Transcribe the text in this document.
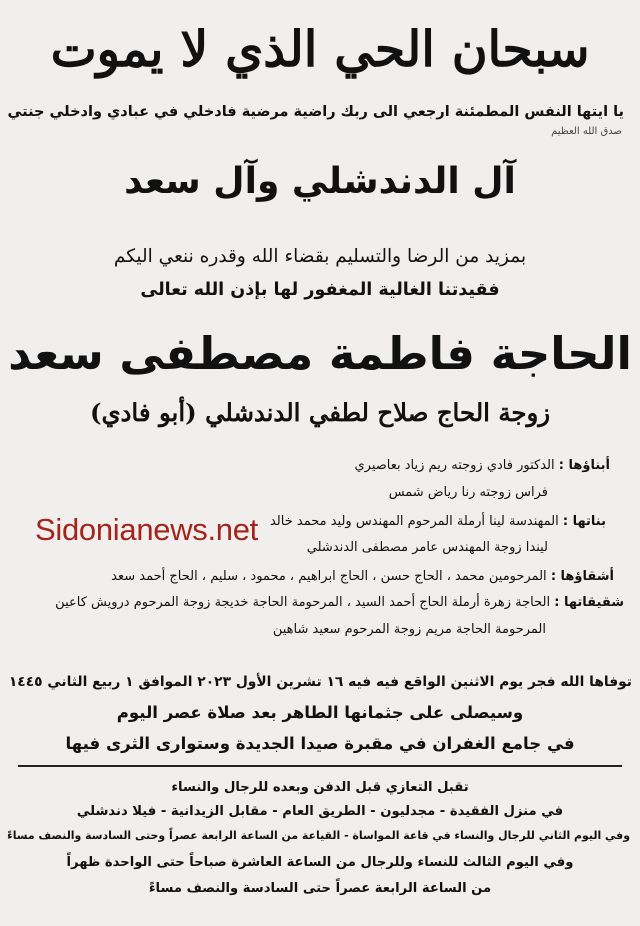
سبحان الحي الذي لا يموت
يا ايتها النفس المطمئنة ارجعي الى ربك راضية مرضية فادخلي في عبادي وادخلي جنتي
صدق الله العظيم
آل الدندشلي وآل سعد
بمزيد من الرضا والتسليم بقضاء الله وقدره ننعي اليكم
فقيدتنا الغالية المغفور لها بإذن الله تعالى
الحاجة فاطمة مصطفى سعد
زوجة الحاج صلاح لطفي الدندشلي (أبو فادي)
أبناؤها : الدكتور فادي زوجته ريم زياد بعاصيري
فراس زوجته رنا رياض شمس
بناتها : المهندسة لينا أرملة المرحوم المهندس وليد محمد خالد
ليندا زوجة المهندس عامر مصطفى الدندشلي
أشقاؤها : المرحومين محمد ، الحاج حسن ، الحاج ابراهيم ، محمود ، سليم ، الحاج أحمد سعد
شقيقاتها : الحاجة زهرة أرملة الحاج أحمد السيد ، المرحومة الحاجة خديجة زوجة المرحوم درويش كاعين
المرحومة الحاجة مريم زوجة المرحوم سعيد شاهين
Sidonianews.net
توفاها الله فجر يوم الاثنين الواقع فيه فيه ١٦ تشرين الأول ٢٠٢٣ الموافق ١ ربيع الثاني ١٤٤٥
وسيصلى على جثمانها الطاهر بعد صلاة عصر اليوم
في جامع الغفران في مقبرة صيدا الجديدة وستوارى الثرى فيها
تقبل التعازي قبل الدفن وبعده للرجال والنساء
في منزل الفقيدة - مجدليون - الطريق العام - مقابل الزيدانية - فيلا دندشلي
وفي اليوم الثاني للرجال والنساء في قاعة المواساة - القياعة من الساعة الرابعة عصراً وحتى السادسة والنصف مساءً
وفي اليوم الثالث للنساء وللرجال من الساعة العاشرة صباحاً حتى الواحدة ظهراً
من الساعة الرابعة عصراً حتى السادسة والنصف مساءً
